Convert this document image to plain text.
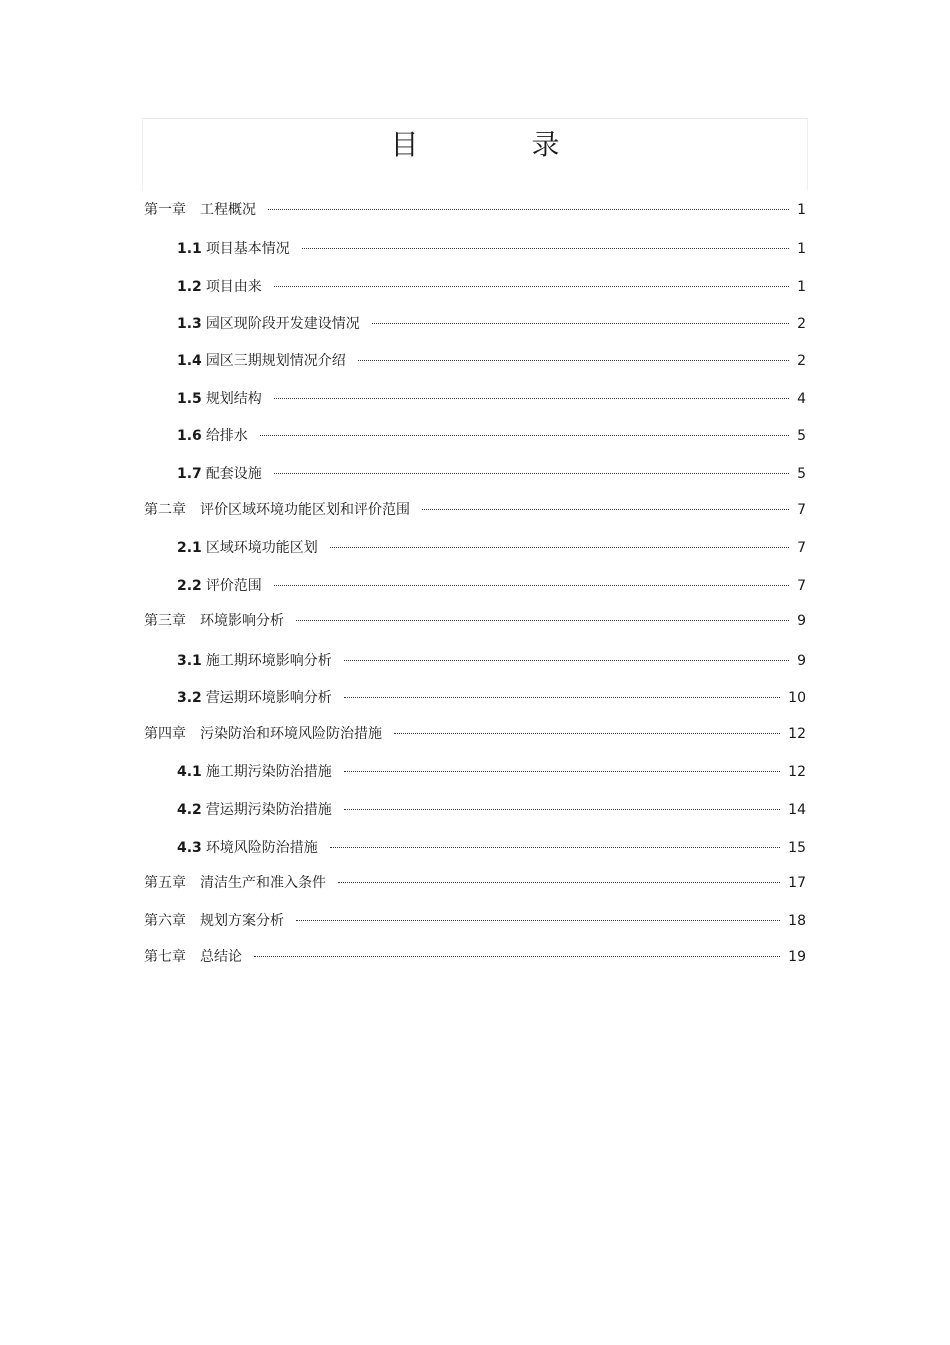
目 录
第一章 工程概况	1
1.1 项目基本情况	1
1.2 项目由来	1
1.3 园区现阶段开发建设情况	2
1.4 园区三期规划情况介绍	2
1.5 规划结构	4
1.6 给排水	5
1.7 配套设施	5
第二章 评价区域环境功能区划和评价范围	7
2.1 区域环境功能区划	7
2.2 评价范围	7
第三章 环境影响分析	9
3.1 施工期环境影响分析	9
3.2 营运期环境影响分析	10
第四章 污染防治和环境风险防治措施	12
4.1 施工期污染防治措施	12
4.2 营运期污染防治措施	14
4.3 环境风险防治措施	15
第五章 清洁生产和准入条件	17
第六章 规划方案分析	18
第七章 总结论	19
